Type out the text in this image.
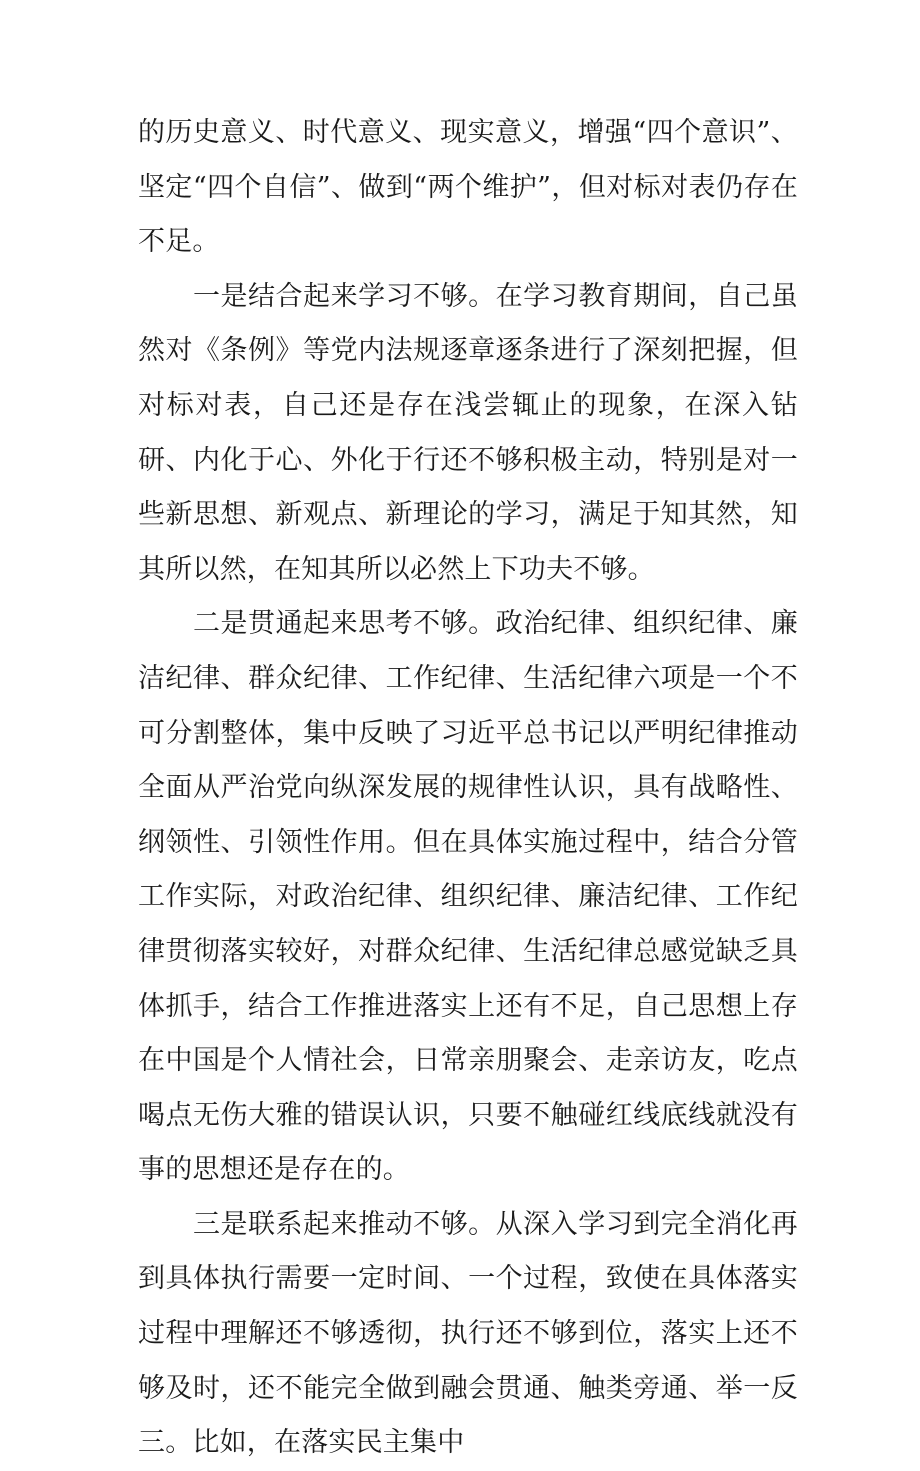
的历史意义、时代意义、现实意义，增强“四个意识”、坚定“四个自信”、做到“两个维护”，但对标对表仍存在不足。

一是结合起来学习不够。在学习教育期间，自己虽然对《条例》等党内法规逐章逐条进行了深刻把握，但对标对表，自己还是存在浅尝辄止的现象，在深入钻研、内化于心、外化于行还不够积极主动，特别是对一些新思想、新观点、新理论的学习，满足于知其然，知其所以然，在知其所以必然上下功夫不够。

二是贯通起来思考不够。政治纪律、组织纪律、廉洁纪律、群众纪律、工作纪律、生活纪律六项是一个不可分割整体，集中反映了习近平总书记以严明纪律推动全面从严治党向纵深发展的规律性认识，具有战略性、纲领性、引领性作用。但在具体实施过程中，结合分管工作实际，对政治纪律、组织纪律、廉洁纪律、工作纪律贯彻落实较好，对群众纪律、生活纪律总感觉缺乏具体抓手，结合工作推进落实上还有不足，自己思想上存在中国是个人情社会，日常亲朋聚会、走亲访友，吃点喝点无伤大雅的错误认识，只要不触碰红线底线就没有事的思想还是存在的。

三是联系起来推动不够。从深入学习到完全消化再到具体执行需要一定时间、一个过程，致使在具体落实过程中理解还不够透彻，执行还不够到位，落实上还不够及时，还不能完全做到融会贯通、触类旁通、举一反三。比如，在落实民主集中
